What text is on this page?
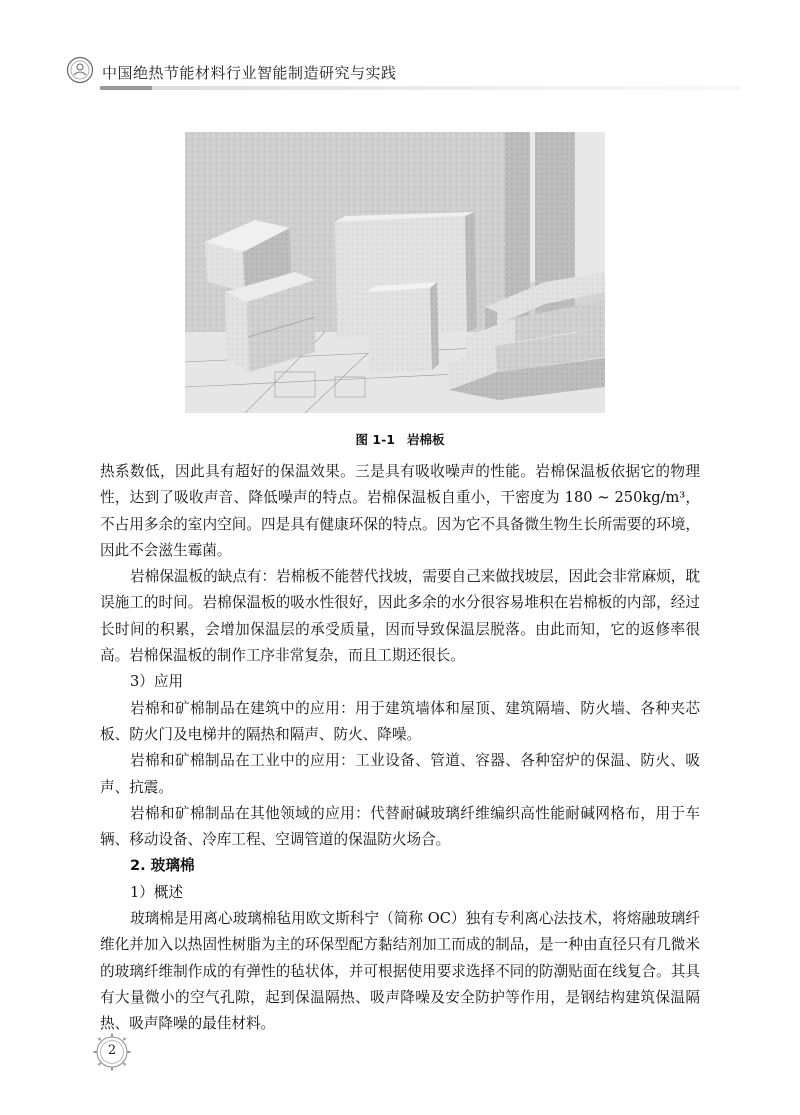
中国绝热节能材料行业智能制造研究与实践
图 1-1 岩棉板

热系数低，因此具有超好的保温效果。三是具有吸收噪声的性能。岩棉保温板依据它的物理性，达到了吸收声音、降低噪声的特点。岩棉保温板自重小，干密度为 180 ~ 250kg/m³，不占用多余的室内空间。四是具有健康环保的特点。因为它不具备微生物生长所需要的环境，因此不会滋生霉菌。

岩棉保温板的缺点有：岩棉板不能替代找坡，需要自己来做找坡层，因此会非常麻烦，耽误施工的时间。岩棉保温板的吸水性很好，因此多余的水分很容易堆积在岩棉板的内部，经过长时间的积累，会增加保温层的承受质量，因而导致保温层脱落。由此而知，它的返修率很高。岩棉保温板的制作工序非常复杂，而且工期还很长。

3）应用

岩棉和矿棉制品在建筑中的应用：用于建筑墙体和屋顶、建筑隔墙、防火墙、各种夹芯板、防火门及电梯井的隔热和隔声、防火、降噪。

岩棉和矿棉制品在工业中的应用：工业设备、管道、容器、各种窑炉的保温、防火、吸声、抗震。

岩棉和矿棉制品在其他领域的应用：代替耐碱玻璃纤维编织高性能耐碱网格布，用于车辆、移动设备、冷库工程、空调管道的保温防火场合。

2. 玻璃棉

1）概述

玻璃棉是用离心玻璃棉毡用欧文斯科宁（简称 OC）独有专利离心法技术，将熔融玻璃纤维化并加入以热固性树脂为主的环保型配方黏结剂加工而成的制品，是一种由直径只有几微米的玻璃纤维制作成的有弹性的毡状体，并可根据使用要求选择不同的防潮贴面在线复合。其具有大量微小的空气孔隙，起到保温隔热、吸声降噪及安全防护等作用，是钢结构建筑保温隔热、吸声降噪的最佳材料。

2
